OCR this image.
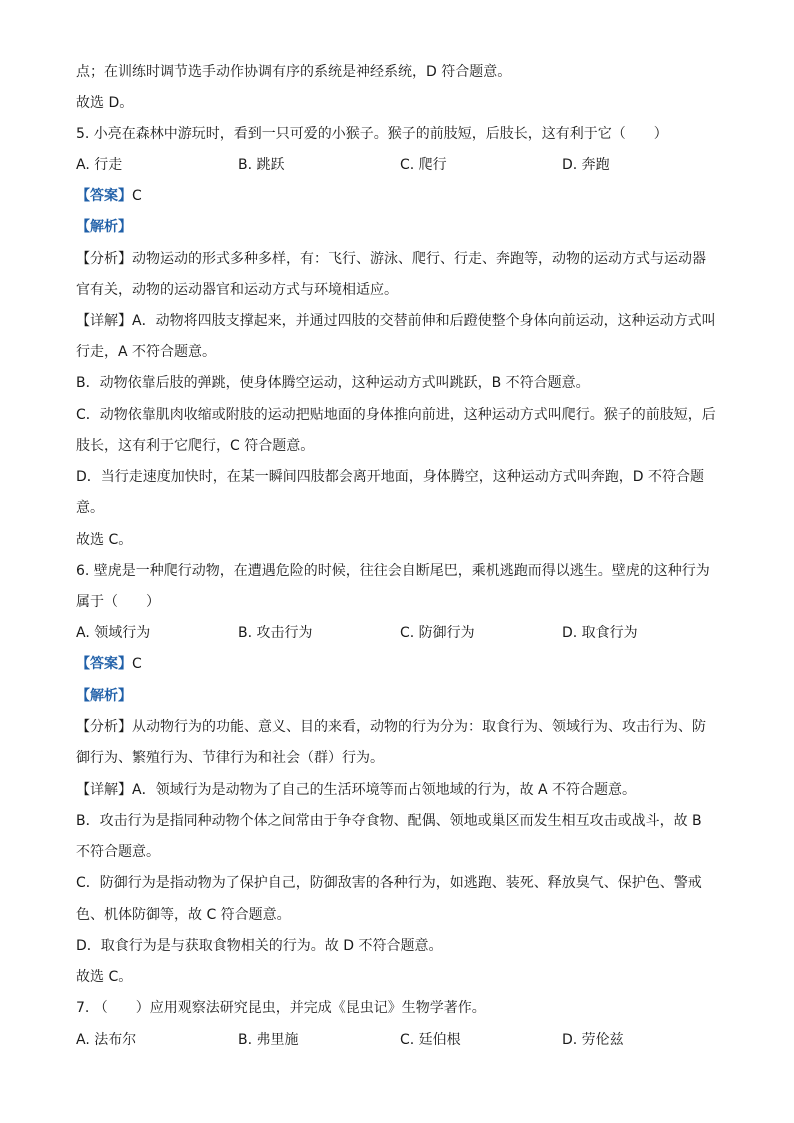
点；在训练时调节选手动作协调有序的系统是神经系统，D 符合题意。
故选 D。
5. 小亮在森林中游玩时，看到一只可爱的小猴子。猴子的前肢短，后肢长，这有利于它（　　）
A. 行走	B. 跳跃	C. 爬行	D. 奔跑
【答案】C
【解析】
【分析】动物运动的形式多种多样，有：飞行、游泳、爬行、行走、奔跑等，动物的运动方式与运动器
官有关，动物的运动器官和运动方式与环境相适应。
【详解】A．动物将四肢支撑起来，并通过四肢的交替前伸和后蹬使整个身体向前运动，这种运动方式叫
行走，A 不符合题意。
B．动物依靠后肢的弹跳，使身体腾空运动，这种运动方式叫跳跃，B 不符合题意。
C．动物依靠肌肉收缩或附肢的运动把贴地面的身体推向前进，这种运动方式叫爬行。猴子的前肢短，后
肢长，这有利于它爬行，C 符合题意。
D．当行走速度加快时，在某一瞬间四肢都会离开地面，身体腾空，这种运动方式叫奔跑，D 不符合题
意。
故选 C。
6. 壁虎是一种爬行动物，在遭遇危险的时候，往往会自断尾巴，乘机逃跑而得以逃生。壁虎的这种行为
属于（　　）
A. 领域行为	B. 攻击行为	C. 防御行为	D. 取食行为
【答案】C
【解析】
【分析】从动物行为的功能、意义、目的来看，动物的行为分为：取食行为、领域行为、攻击行为、防
御行为、繁殖行为、节律行为和社会（群）行为。
【详解】A．领域行为是动物为了自己的生活环境等而占领地域的行为，故 A 不符合题意。
B．攻击行为是指同种动物个体之间常由于争夺食物、配偶、领地或巢区而发生相互攻击或战斗，故 B
不符合题意。
C．防御行为是指动物为了保护自己，防御敌害的各种行为，如逃跑、装死、释放臭气、保护色、警戒
色、机体防御等，故 C 符合题意。
D．取食行为是与获取食物相关的行为。故 D 不符合题意。
故选 C。
7. （　　）应用观察法研究昆虫，并完成《昆虫记》生物学著作。
A. 法布尔	B. 弗里施	C. 廷伯根	D. 劳伦兹
